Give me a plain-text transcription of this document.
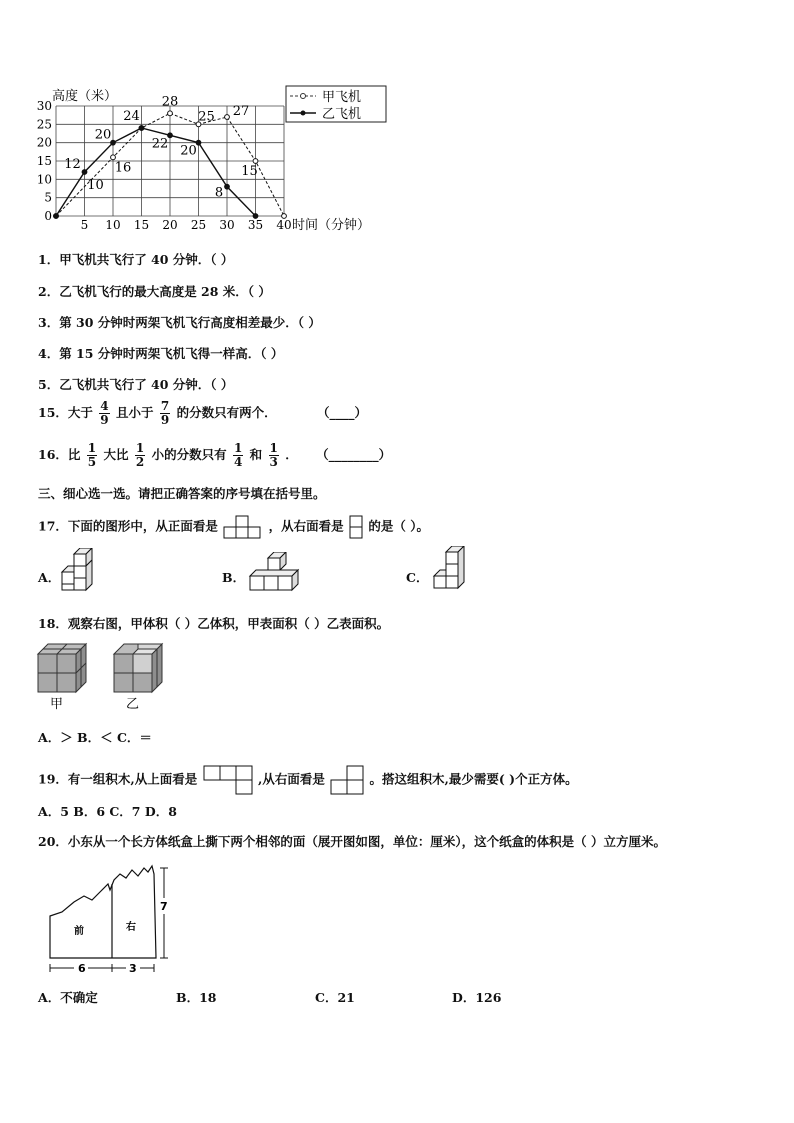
高度（米）
时间（分钟）
0
5
10
15
20
25
30
5 10 15 20 25 30 35 40
16
28
25 27
15
12
20
24
22 20
8
10
甲飞机
乙飞机
1．甲飞机共飞行了 40 分钟．（ ）
2．乙飞机飞行的最大高度是 28 米．（ ）
3．第 30 分钟时两架飞机飞行高度相差最少．（ ）
4．第 15 分钟时两架飞机飞得一样高．（ ）
5．乙飞机共飞行了 40 分钟．（ ）
15．大于 $\frac{4}{9}$ 且小于 $\frac{7}{9}$ 的分数只有两个．	（____）
16．比 $\frac{1}{5}$ 大比 $\frac{1}{2}$ 小的分数只有 $\frac{1}{4}$ 和 $\frac{1}{3}$ ． （________）
三、细心选一选。请把正确答案的序号填在括号里。
17．下面的图形中，从正面看是	，从右面看是 的是（ ）。
A．	B．	C．
18．观察右图，甲体积（ ）乙体积，甲表面积（ ）乙表面积。
甲	乙
A．＞ B．＜ C．＝
19．有一组积木,从上面看是	,从右面看是	。搭这组积木,最少需要( )个正方体。
A．5 B．6 C．7 D．8
20．小东从一个长方体纸盒上撕下两个相邻的面（展开图如图，单位：厘米），这个纸盒的体积是（ ）立方厘米。
前	右
6	3
7
A．不确定	B．18	C．21	D．126
